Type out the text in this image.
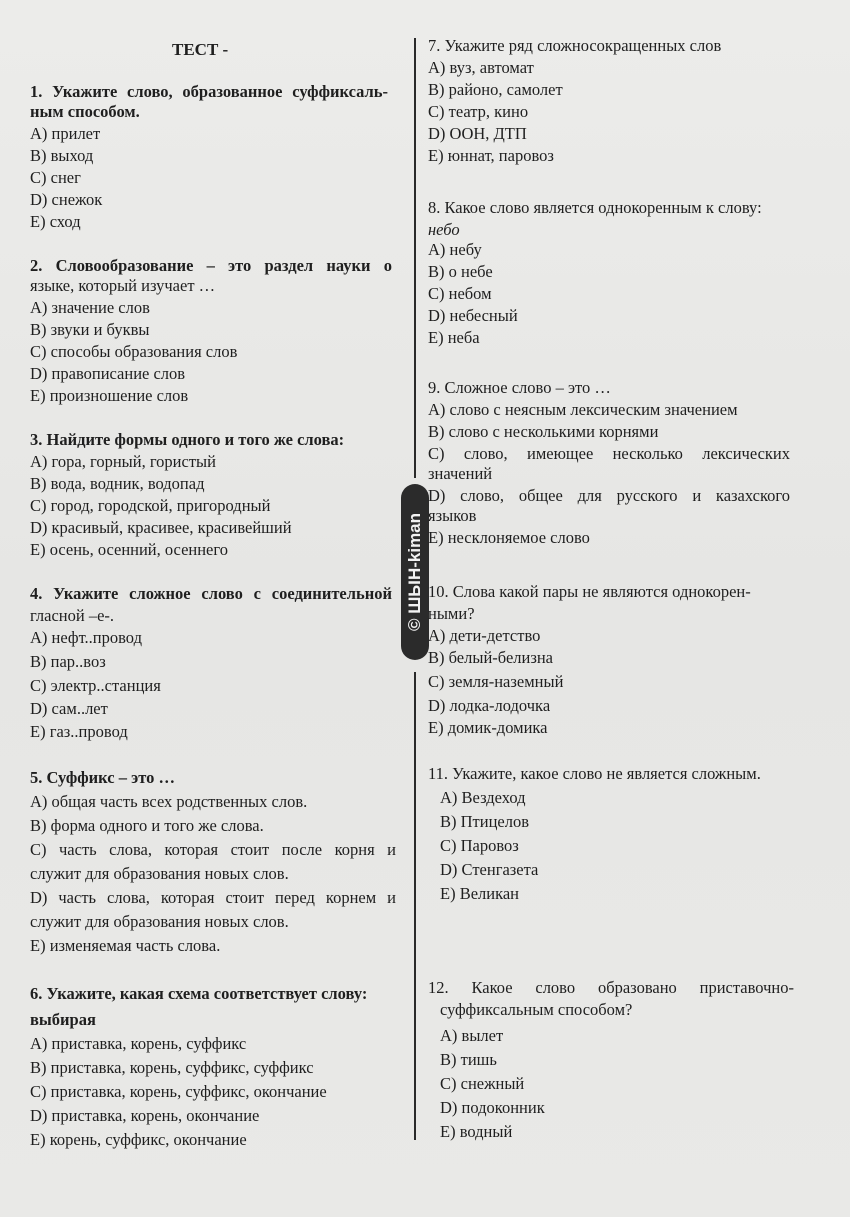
ТЕСТ -
1. Укажите слово, образованное суффиксаль-
ным способом.
А) прилет
В) выход
С) снег
D) снежок
Е) сход
2. Словообразование – это раздел науки о
языке, который изучает …
А) значение слов
В) звуки и буквы
С) способы образования слов
D) правописание слов
Е) произношение слов
3. Найдите формы одного и того же слова:
А) гора, горный, гористый
В) вода, водник, водопад
С) город, городской, пригородный
D) красивый, красивее, красивейший
Е) осень, осенний, осеннего
4. Укажите сложное слово с соединительной
гласной –е-.
А) нефт..провод
В) пар..воз
С) электр..станция
D) сам..лет
Е) газ..провод
5. Суффикс – это …
А) общая часть всех родственных слов.
В) форма одного и того же слова.
С) часть слова, которая стоит после корня и
служит для образования новых слов.
D) часть слова, которая стоит перед корнем и
служит для образования новых слов.
Е) изменяемая часть слова.
6. Укажите, какая схема соответствует слову:
выбирая
А) приставка, корень, суффикс
В) приставка, корень, суффикс, суффикс
С) приставка, корень, суффикс, окончание
D) приставка, корень, окончание
Е) корень, суффикс, окончание
© ШЫН-kiman
7. Укажите ряд сложносокращенных слов
А) вуз, автомат
В) районо, самолет
С) театр, кино
D) ООН, ДТП
Е) юннат, паровоз
8. Какое слово является однокоренным к слову:
небо
А) небу
В) о небе
С) небом
D) небесный
Е) неба
9. Сложное слово – это …
А) слово с неясным лексическим значением
В) слово с несколькими корнями
С) слово, имеющее несколько лексических
значений
D) слово, общее для русского и казахского
языков
Е) несклоняемое слово
10. Слова какой пары не являются однокорен-
ными?
А) дети-детство
В) белый-белизна
С) земля-наземный
D) лодка-лодочка
Е) домик-домика
11. Укажите, какое слово не является сложным.
А) Вездеход
В) Птицелов
С) Паровоз
D) Стенгазета
Е) Великан
12. Какое слово образовано приставочно-
суффиксальным способом?
А) вылет
В) тишь
С) снежный
D) подоконник
Е) водный
